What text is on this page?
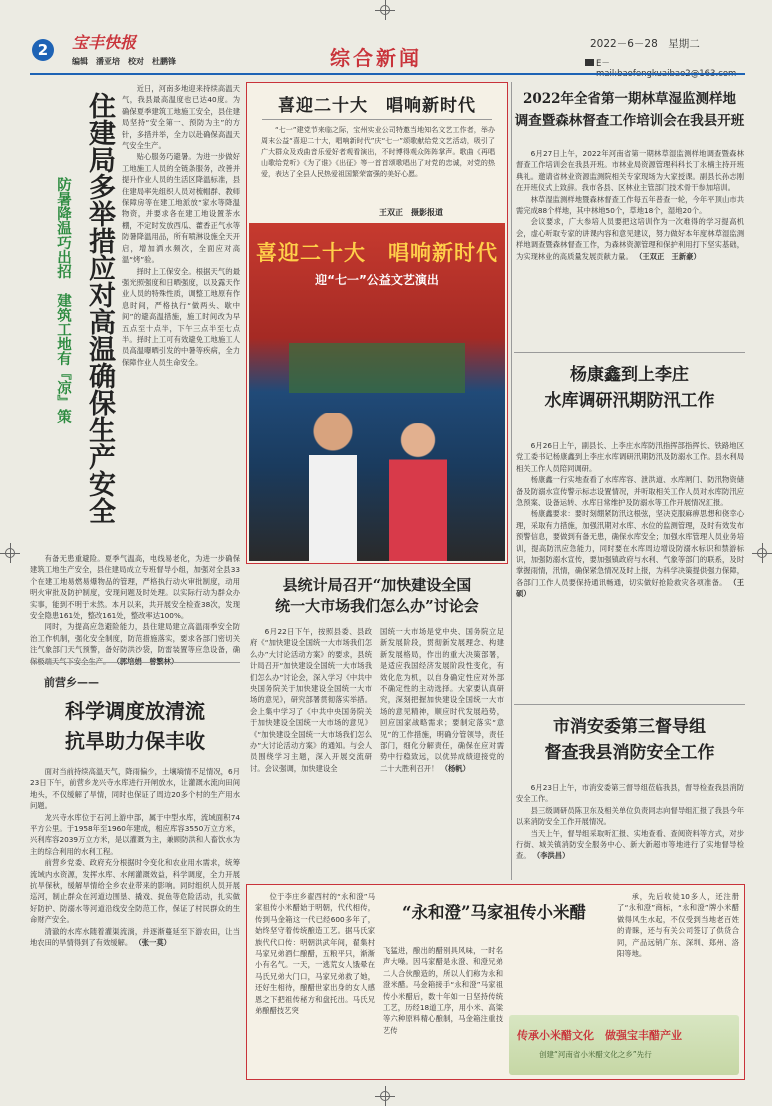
2	宝丰快报
编辑　潘亚培　校对　杜鹏锋	综合新闻
2022－6－28　星期二
E－
住建局多举措应对高温确保生产安全
防暑降温巧出招　建筑工地有『凉』策

近日，河南多地迎来持续高温天气，我县最高温度也已达40度。为确保夏季建筑工地施工安全，县住建局坚持“安全第一、预防为主”的方针，多措并举，全力以赴确保高温天气安全生产。

贴心服务巧避暑。为进一步做好工地施工人员的全链条服务，改善并提升作业人员的生活区降温标准，县住建局率先组织人员对梳帽群、教师保障房等在建工地派放“家水等降温物资，并要求各在建工地设置茶水棚，不定时发放西瓜、藿香正气水等防暑降温用品，所有喷淋设施全天开启，增加洒水频次，全面应对高温“烤”验。

择时上工保安全。根据天气的最强光照强度和日晒强度，以及露天作业人员的特殊性质，调整工地原有作息时间，严格执行“做两头、歇中间”的避高温措施，施工时间改为早五点至十点半，下午三点半至七点半。择时上工可有效避免工地施工人员高温曝晒引发的中暑等疾病，全力保障作业人员生命安全。

有备无患重避险。夏季气温高，电线易老化，为进一步确保建筑工地生产安全，县住建局成立专班督导小组，加强对全县33个在建工地易燃易爆物品的管理，严格执行动火审批制度，动用明火审批及防护制度，安现问题及时处理。以实际行动为群众办实事，能到不明于未然。本月以来，共开展安全检查38次，发现安全隐患161处，整改161处，整改率达100%。

同时，为提高应急避险能力，县住建局建立高温雨季安全防治工作机制，强化安全制度，防范措施落实，要求各部门密切关注气象部门天气预警，备好防洪沙袋，防雷装置等应急设备，确

喜迎二十大　唱响新时代

“七一”建党节来临之际，宝州实业公司特邀当地知名文艺工作者，举办周末公益“喜迎二十大，唱响新时代”庆“七一”颂歌献给党文艺活动，吸引了广大群众及戏曲音乐爱好者观看演出，不时博得观众阵阵掌声。歌曲《再唱山歌给党听》《为了谁》《出征》等一首首颂歌唱出了对党的忠诚，对党的热爱，表达了全县人民热爱祖国繁荣富强的美好心愿。

王双正　摄影报道
喜迎二十大　唱响新时代
迎“七一”公益文艺演出
县统计局召开“加快建设全国
统一大市场我们怎么办”讨论会

6月22日下午，按照县委、县政府《“加快建设全国统一大市场我们怎么办”大讨论活动方案》的要求，县统计局召开“加快建设全国统一大市场我们怎么办”讨论会，深入学习《中共中央国务院关于加快建设全国统一大市场的意见》，研究部署贯彻落实举措。会上集中学习了《中共中央国务院关于加快建设全国统一大市场的意见》《“加快建设全国统一大市场我们怎么办”大讨论活动方案》的通知。与会人员围绕学习主题，深入开展交流研讨。会议强调，加快建设全

国统一大市场是党中央、国务院立足新发展阶段，贯彻新发展理念、构建新发展格局，作出的重大决策部署，是适应我国经济发展阶段性变化，有效化危为机，以自身确定性应对外部不确定性的主动选择。大家要认真研究，深刻把握加快建设全国统一大市场的意见精神，顺应时代发展趋势，回应国家战略需求；要制定落实“意见”的工作措施，明确分管领导，责任部门，细化分解责任，确保在应对需势中行稳致远，以优异成绩迎接党的二十大胜利召开！ （杨帆）

2022年全省第一期林草湿监测样地
调查暨森林督查工作培训会在我县开班

6月27日上午，2022年河南省第一期林草湿监测样地调查暨森林督查工作培训会在我县开班。市林业局资源管理科科长丁永楠主持开班典礼。邀请省林业资源监测院相关专家现场为大家授课。副县长孙志刚在开班仪式上致辞。我市各县、区林业主管部门技术骨干参加培训。

林草湿监测样地暨森林督查工作每五年普查一轮，今年平顶山市共需完成88个样地，其中林地50个，草地18个，湿地20个。

会议要求，广大参培人员要把这培训作为一次难得的学习提高机会，虚心听取专家的讲课内容和意见建议，努力做好本年度林草湿监测样地调查暨森林督查工作，为森林资源管理和保护利用打下坚实基础，为实现林业的高质量发展贡献力量。 （王双正　王新豪）

杨康鑫到上李庄
水库调研汛期防汛工作

6月26日上午，副县长、上李庄水库防汛指挥部指挥长、铁路地区党工委书记杨康鑫到上李庄水库调研汛期防汛及防溺水工作。县水利局相关工作人员陪同调研。

杨康鑫一行实地查看了水库库容、泄洪道、水库闸门、防汛物资储备及防溺水宣传警示标志设置情况，并听取相关工作人员对水库防汛应急预案、设备运转、水库日常维护及防溺水等工作开展情况汇报。

杨康鑫要求：要时刻绷紧防汛这根弦，坚决克服麻痹思想和侥幸心理，采取有力措施，加强汛期对水库、水位的监测管理，及时有效发布预警信息，要做到有备无患，确保水库安全；加强水库管理人员业务培训，提高防汛应急能力，同时要在水库周边增设防溺水标识和禁游标识，加强防溺水宣传，要加强镇政府与水利、气象等部门的联系，及时掌握雨情，汛情，确保紧急情况及时上报，为科学决策提供强力保障，各部门工作人员要保持通讯畅通，切实做好抢险救灾各项准备。 （王硕）

市消安委第三督导组
督查我县消防安全工作

6月23日上午，市消安委第三督导组莅临我县，督导检查我县消防安全工作。

县三级调研员陈卫东及相关单位负责同志向督导组汇报了我县今年以来消防安全工作开展情况。

当天上午，督导组采取听汇报、实地查看、查阅资料等方式，对步行街、城关镇消防安全服务中心、新大新超市等地进行了实地督导检查。 （李洪昌）

前营乡——
科学调度放清流
抗旱助力保丰收

面对当前持续高温天气，降雨偏少，土壤墒情不足情况，6月23日下午，前营乡龙兴寺水库进行开闸放水，让灌溉水流向田间地头，不仅缓解了旱情，同时也保证了周边20多个村的生产用水问题。

龙兴寺水库位于石河上游中部，属于中型水库，流域面积74平方公里。于1958年至1960年建成，相应库容3550万立方米，兴利库容2039万立方米，是以灌溉为主，兼顾防洪和人畜饮水为主的综合利用的水利工程。

前营乡党委、政府充分根据时令变化和农业用水需求，统筹流域内水资源，发挥水库、水闸灌溉效益，科学调度，全力开展抗旱保秋，缓解旱情给全乡农业带来的影响。同时组织人员开展巡河，制止群众在河道边围垦、撬戏、捉鱼等危险活动，扎实做好防护、防溺水等河道沿线安全防范工作，保证了村民群众的生命财产安全。

清澈的水库水随着灌渠流淌，并逐渐蔓延至下游农田，让当地农田的旱情得到了有效缓解。 （张一莫）

位于李庄乡翟西村的“永和澄”马家祖传小米醋始于明朝，代代相传，传到马金箱这一代已经600多年了，始终坚守着传统酿造工艺。据马氏家族代代口传：明朝洪武年间，翟集村马家兄弟酒仁酿醋，五粮平只，渐渐小有名气。一天，一逃荒女人饿晕在马氏兄弟大门口，马家兄弟救了她，还好生相待，酿醋世家出身的女人感恩之下把祖传秘方和盘托出。马氏兄弟酿醋技艺突

“永和澄”马家祖传小米醋

飞猛进，酿出的醋别具风味，一时名声大噪。因马家醋是永澄、和澄兄弟二人合伙酿造的，所以人们称为永和澄米醋。马金箱接手“永和澄”马家祖传小米醋后，数十年如一日坚持传统工艺，历经18道工序，用小米、高粱等六种原料精心酿制，马金箱注重技艺传

承，先后收徒10多人，还注册了“永和澄”商标，“永和澄”牌小米醋做得风生水起，不仅受到当地老百姓的青睐，还与有关公司签订了供货合同，产品远销广东、深圳、郑州、洛阳等地。

传承小米醋文化　做强宝丰醋产业
创建“河南省小米醋文化之乡”先行
